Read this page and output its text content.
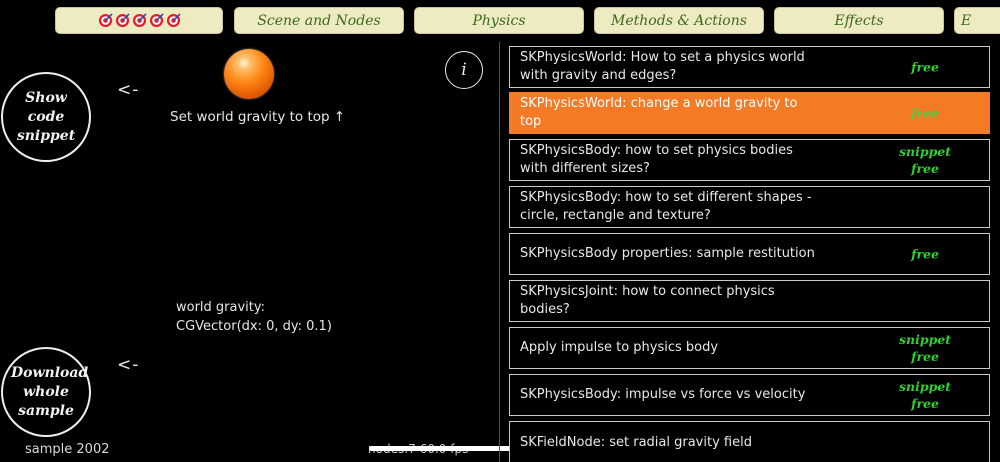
Scene and Nodes	Physics	Methods & Actions	Effects	E
Show code snippet
<-
i
Set world gravity to top ↑
world gravity:
CGVector(dx: 0, dy: 0.1)
Download whole sample
<-
sample 2002
SKPhysicsWorld: How to set a physics world with gravity and edges?
free
SKPhysicsWorld: change a world gravity to top
free
SKPhysicsBody: how to set physics bodies with different sizes?
snippet
free
SKPhysicsBody: how to set different shapes - circle, rectangle and texture?
SKPhysicsBody properties: sample restitution	free
SKPhysicsJoint: how to connect physics bodies?
Apply impulse to physics body
snippet
free
SKPhysicsBody: impulse vs force vs velocity
snippet
free
SKFieldNode: set radial gravity field
